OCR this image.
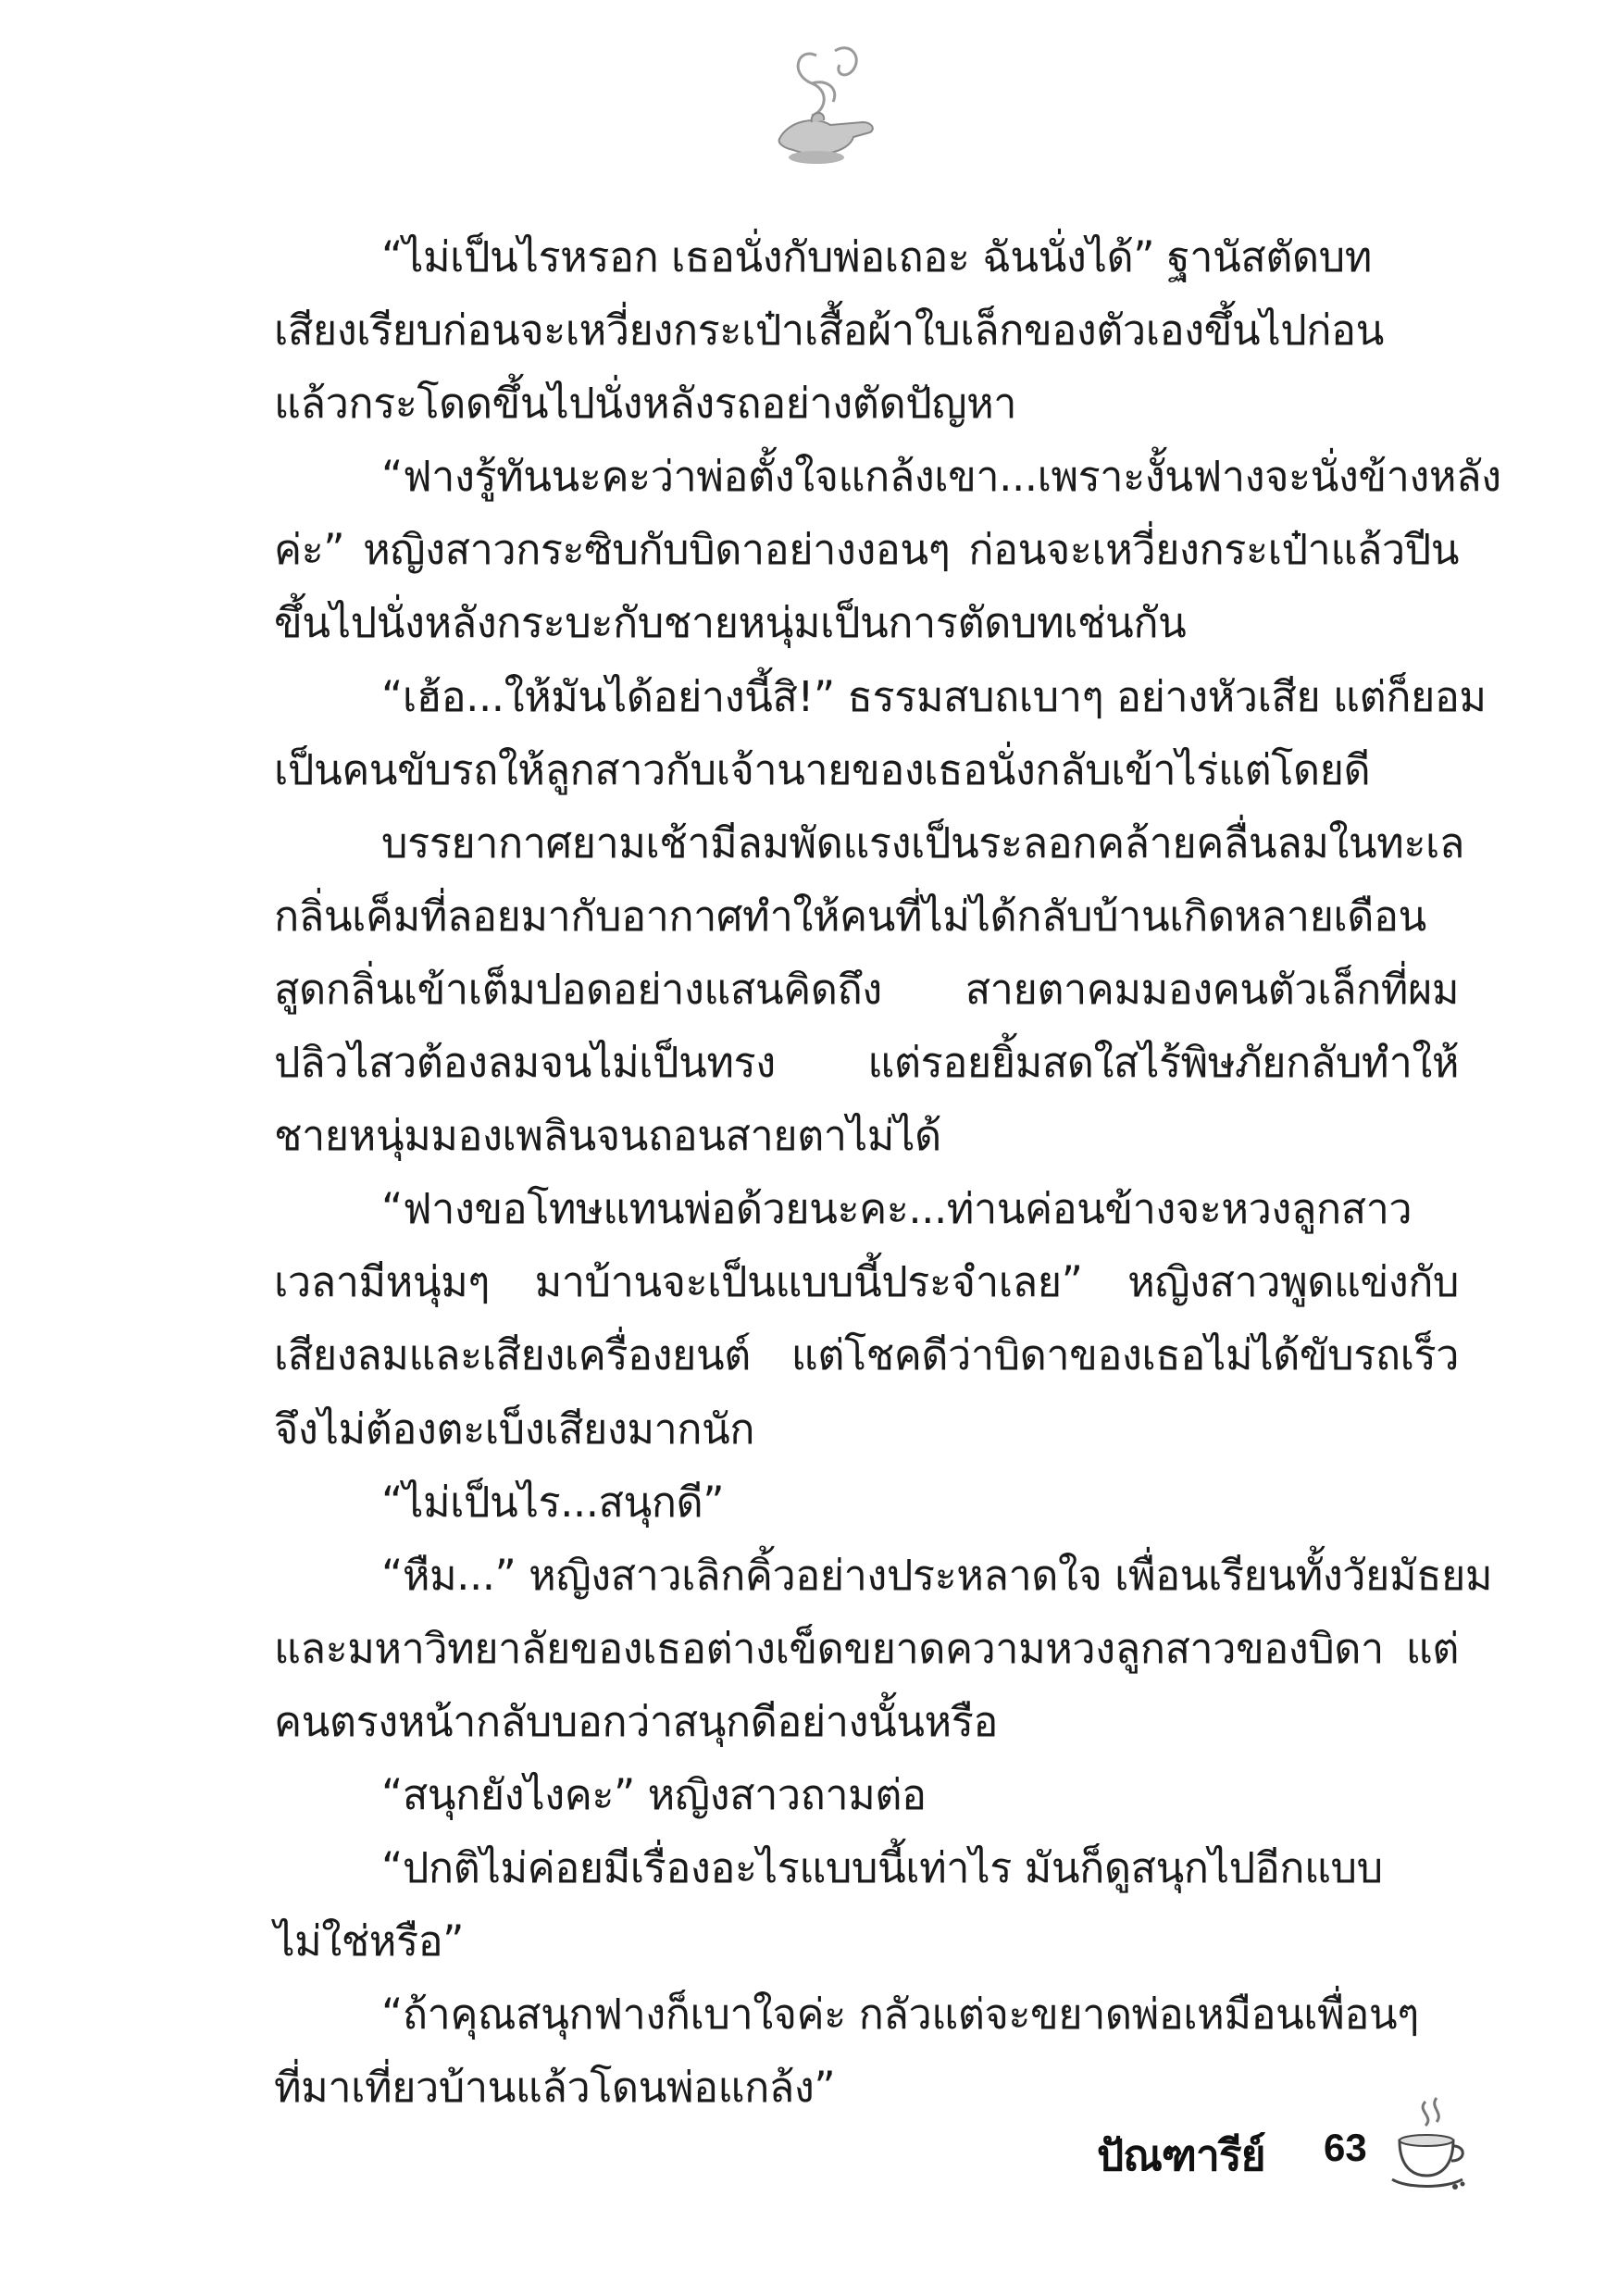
“ไม่เป็นไรหรอก เธอนั่งกับพ่อเถอะ ฉันนั่งได้” ฐานัสตัดบท
เสียงเรียบก่อนจะเหวี่ยงกระเป๋าเสื้อผ้าใบเล็กของตัวเองขึ้นไปก่อน
แล้วกระโดดขึ้นไปนั่งหลังรถอย่างตัดปัญหา
“ฟางรู้ทันนะคะว่าพ่อตั้งใจแกล้งเขา...เพราะงั้นฟางจะนั่งข้างหลัง
ค่ะ” หญิงสาวกระซิบกับบิดาอย่างงอนๆ ก่อนจะเหวี่ยงกระเป๋าแล้วปีน
ขึ้นไปนั่งหลังกระบะกับชายหนุ่มเป็นการตัดบทเช่นกัน
“เฮ้อ...ให้มันได้อย่างนี้สิ!” ธรรมสบถเบาๆ อย่างหัวเสีย แต่ก็ยอม
เป็นคนขับรถให้ลูกสาวกับเจ้านายของเธอนั่งกลับเข้าไร่แต่โดยดี
บรรยากาศยามเช้ามีลมพัดแรงเป็นระลอกคล้ายคลื่นลมในทะเล
กลิ่นเค็มที่ลอยมากับอากาศทำให้คนที่ไม่ได้กลับบ้านเกิดหลายเดือน
สูดกลิ่นเข้าเต็มปอดอย่างแสนคิดถึง สายตาคมมองคนตัวเล็กที่ผม
ปลิวไสวต้องลมจนไม่เป็นทรง แต่รอยยิ้มสดใสไร้พิษภัยกลับทำให้
ชายหนุ่มมองเพลินจนถอนสายตาไม่ได้
“ฟางขอโทษแทนพ่อด้วยนะคะ...ท่านค่อนข้างจะหวงลูกสาว
เวลามีหนุ่มๆ มาบ้านจะเป็นแบบนี้ประจำเลย” หญิงสาวพูดแข่งกับ
เสียงลมและเสียงเครื่องยนต์ แต่โชคดีว่าบิดาของเธอไม่ได้ขับรถเร็ว
จึงไม่ต้องตะเบ็งเสียงมากนัก
“ไม่เป็นไร...สนุกดี”
“หืม...” หญิงสาวเลิกคิ้วอย่างประหลาดใจ เพื่อนเรียนทั้งวัยมัธยม
และมหาวิทยาลัยของเธอต่างเข็ดขยาดความหวงลูกสาวของบิดา แต่
คนตรงหน้ากลับบอกว่าสนุกดีอย่างนั้นหรือ
“สนุกยังไงคะ” หญิงสาวถามต่อ
“ปกติไม่ค่อยมีเรื่องอะไรแบบนี้เท่าไร มันก็ดูสนุกไปอีกแบบ
ไม่ใช่หรือ”
“ถ้าคุณสนุกฟางก็เบาใจค่ะ กลัวแต่จะขยาดพ่อเหมือนเพื่อนๆ
ที่มาเที่ยวบ้านแล้วโดนพ่อแกล้ง”
ปัณฑารีย์ 63
